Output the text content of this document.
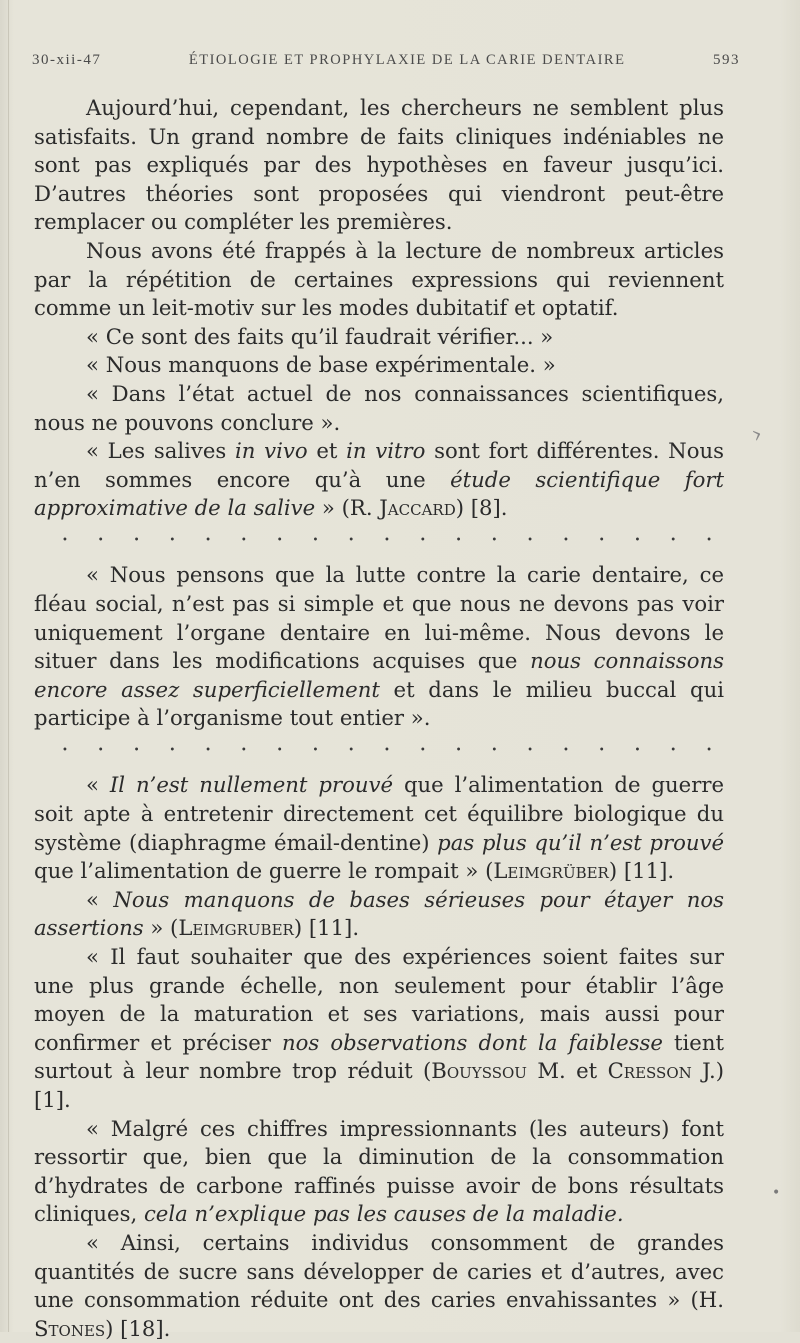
30-xii-47	ÉTIOLOGIE ET PROPHYLAXIE DE LA CARIE DENTAIRE	593

Aujourd’hui, cependant, les chercheurs ne semblent plus satisfaits. Un grand nombre de faits cliniques indéniables ne sont pas expliqués par des hypothèses en faveur jusqu’ici. D’autres théories sont proposées qui viendront peut-être remplacer ou compléter les premières.

Nous avons été frappés à la lecture de nombreux articles par la répétition de certaines expressions qui reviennent comme un leit-motiv sur les modes dubitatif et optatif.

« Ce sont des faits qu’il faudrait vérifier... »

« Nous manquons de base expérimentale. »

« Dans l’état actuel de nos connaissances scientifiques, nous ne pouvons conclure ».

« Les salives in vivo et in vitro sont fort différentes. Nous n’en sommes encore qu’à une étude scientifique fort approximative de la salive » (R. Jaccard) [8].

•
•
•
•
•
•
•
•
•
•
•
•
•
•
•
•
•
•
•

« Nous pensons que la lutte contre la carie dentaire, ce fléau social, n’est pas si simple et que nous ne devons pas voir uniquement l’organe dentaire en lui-même. Nous devons le situer dans les modifications acquises que nous connaissons encore assez superficiellement et dans le milieu buccal qui participe à l’organisme tout entier ».

•
•
•
•
•
•
•
•
•
•
•
•
•
•
•
•
•
•
•

« Il n’est nullement prouvé que l’alimentation de guerre soit apte à entretenir directement cet équilibre biologique du système (diaphragme émail-dentine) pas plus qu’il n’est prouvé que l’alimentation de guerre le rompait » (Leimgrüber) [11].

« Nous manquons de bases sérieuses pour étayer nos assertions » (Leimgruber) [11].

« Il faut souhaiter que des expériences soient faites sur une plus grande échelle, non seulement pour établir l’âge moyen de la maturation et ses variations, mais aussi pour confirmer et préciser nos observations dont la faiblesse tient surtout à leur nombre trop réduit (Bouyssou M. et Cresson J.) [1].

« Malgré ces chiffres impressionnants (les auteurs) font ressortir que, bien que la diminution de la consommation d’hydrates de carbone raffinés puisse avoir de bons résultats cliniques, cela n’explique pas les causes de la maladie.

« Ainsi, certains individus consomment de grandes quantités de sucre sans développer de caries et d’autres, avec une consommation réduite ont des caries envahissantes » (H. Stones) [18].

›
•
